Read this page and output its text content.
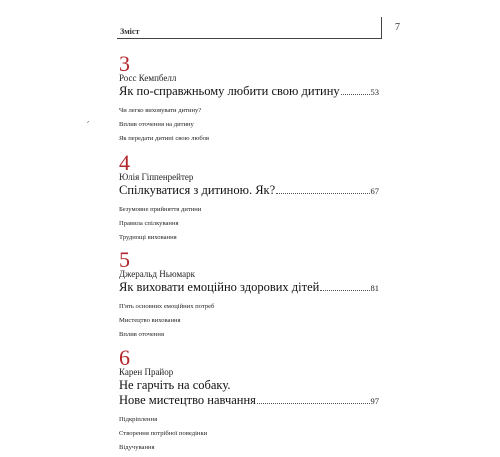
Зміст	7
׳
3
Росс Кемпбелл
Як по-справжньому любити свою дитину	53
Чи легко виховувати дитину?
Вплив оточення на дитину
Як передати дитині свою любов
4
Юлія Гіппенрейтер
Спілкуватися з дитиною. Як?	67
Безумовне прийняття дитини
Правила спілкування
Труднощі виховання
5
Джеральд Ньюмарк
Як виховати емоційно здорових дітей	81
П'ять основних емоційних потреб
Мистецтво виховання
Вплив оточення
6
Карен Прайор
Не гарчіть на собаку.
Нове мистецтво навчання	97
Підкріплення
Створення потрібної поведінки
Відучування
